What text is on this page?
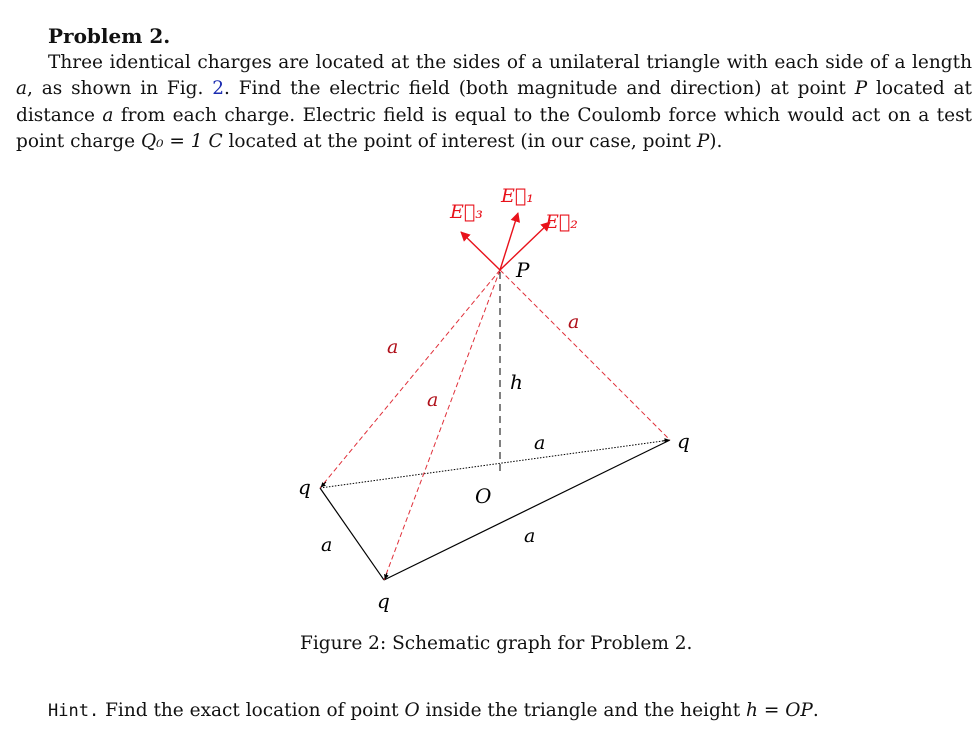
Problem 2.

Three identical charges are located at the sides of a unilateral triangle with each side of a length a, as shown in Fig. 2. Find the electric field (both magnitude and direction) at point P located at distance a from each charge. Electric field is equal to the Coulomb force which would act on a test point charge Q₀ = 1 C located at the point of interest (in our case, point P).

E⃗₃
E⃗₁
E⃗₂
P
O
h
q
q
q
a
a
a
a
a
a

Figure 2: Schematic graph for Problem 2.

Hint. Find the exact location of point O inside the triangle and the height h = OP.
